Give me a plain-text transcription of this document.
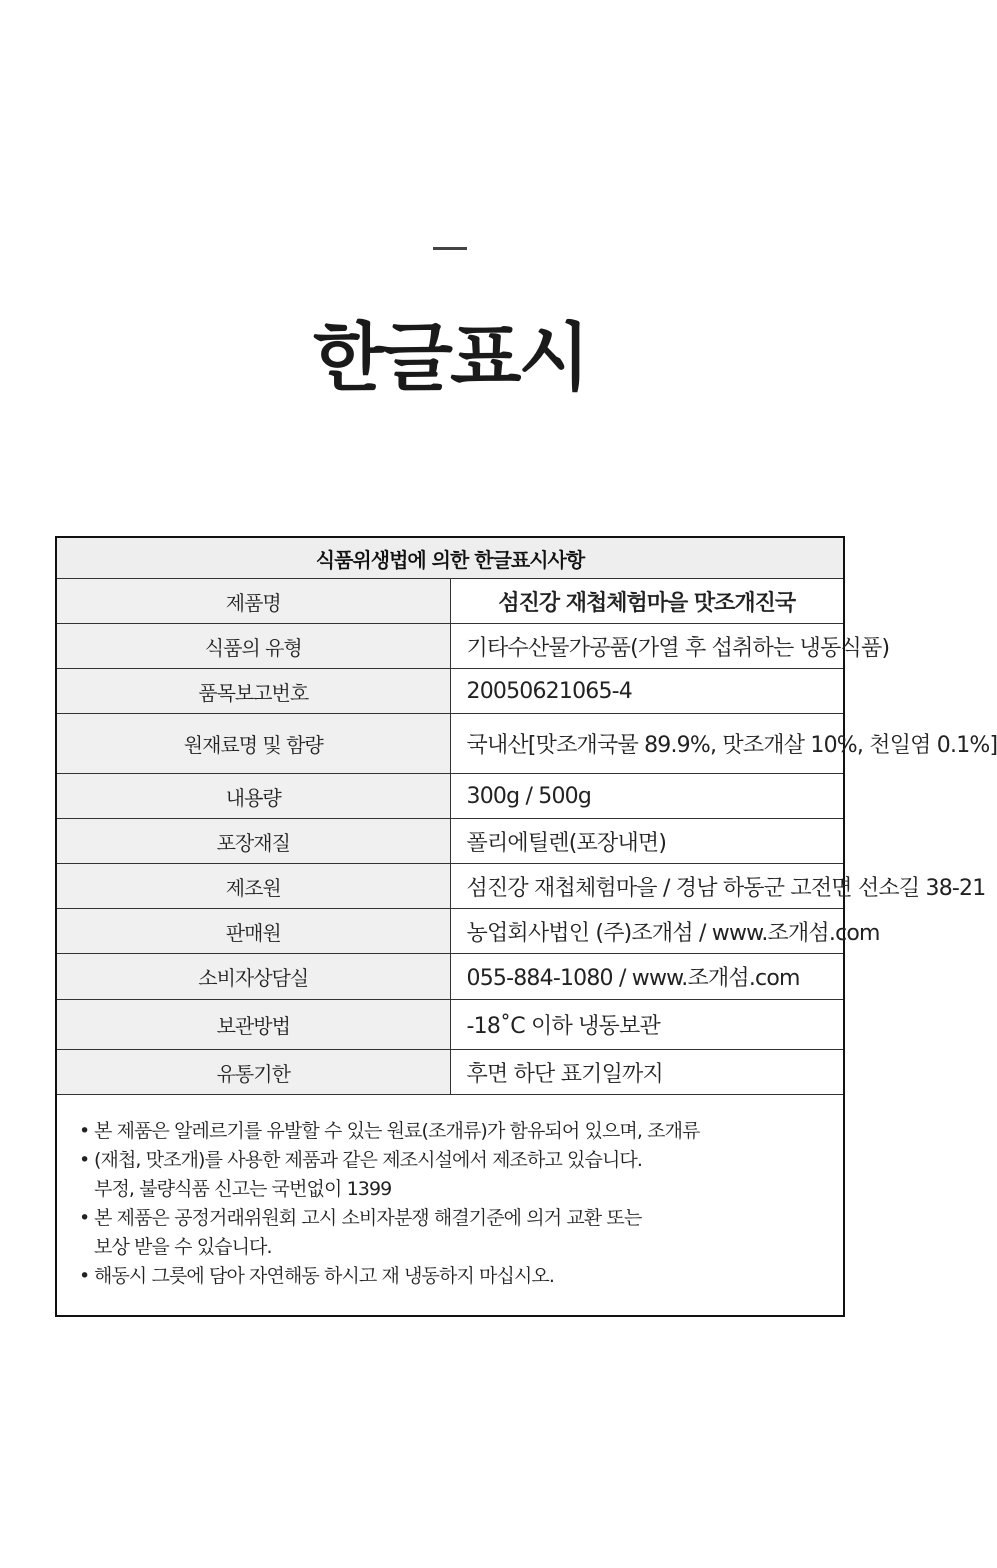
한글표시
식품위생법에 의한 한글표시사항	
제품명	섬진강 재첩체험마을 맛조개진국
식품의 유형	기타수산물가공품(가열 후 섭취하는 냉동식품)
품목보고번호	20050621065-4
원재료명 및 함량	국내산[맛조개국물 89.9%, 맛조개살 10%, 천일염 0.1%]
내용량	300g / 500g
포장재질	폴리에틸렌(포장내면)
제조원	섬진강 재첩체험마을 / 경남 하동군 고전면 선소길 38-21
판매원	농업회사법인 (주)조개섬 / www.조개섬.com
소비자상담실	055-884-1080 / www.조개섬.com
보관방법	-18˚C 이하 냉동보관
유통기한	후면 하단 표기일까지
• 본 제품은 알레르기를 유발할 수 있는 원료(조개류)가 함유되어 있으며, 조개류
• (재첩, 맛조개)를 사용한 제품과 같은 제조시설에서 제조하고 있습니다.
부정, 불량식품 신고는 국번없이 1399
• 본 제품은 공정거래위원회 고시 소비자분쟁 해결기준에 의거 교환 또는
보상 받을 수 있습니다.
• 해동시 그릇에 담아 자연해동 하시고 재 냉동하지 마십시오.
